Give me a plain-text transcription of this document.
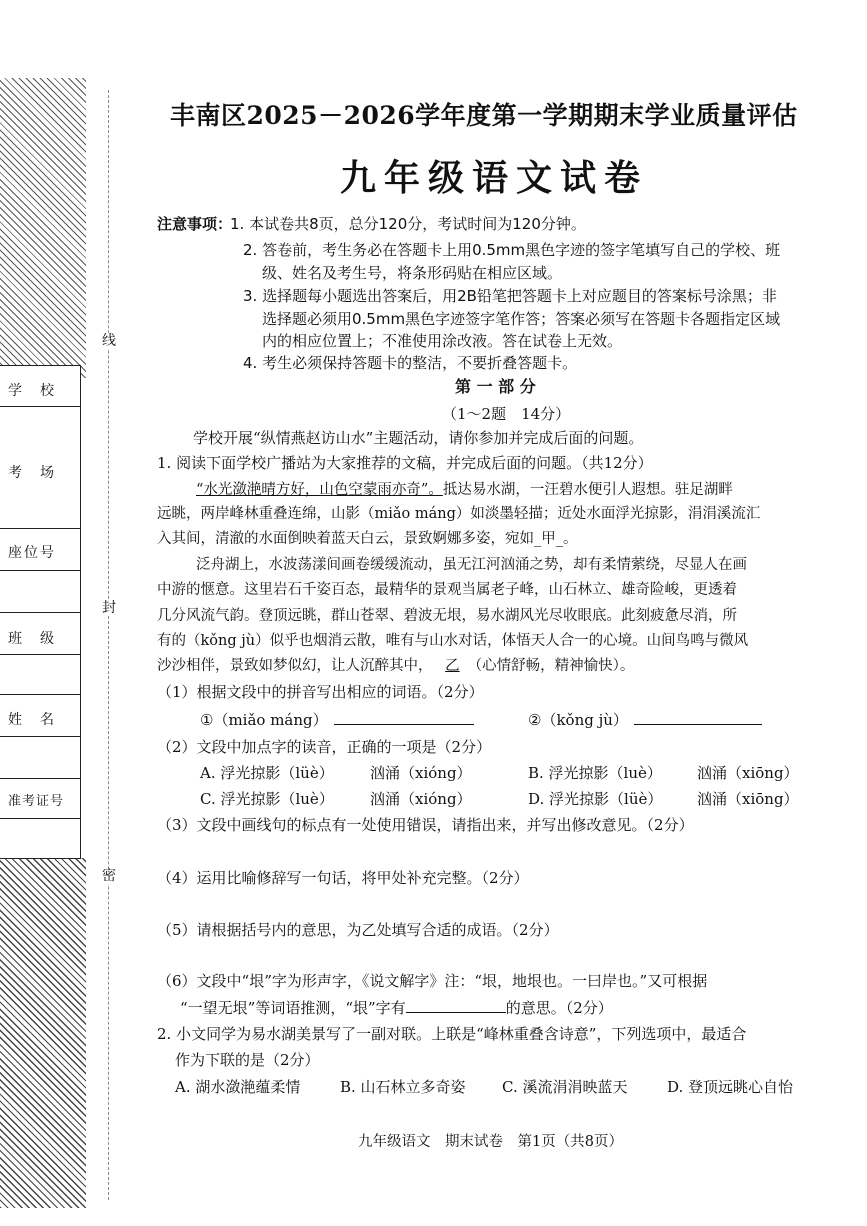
学　校
考　场
座位号
班　级
姓　名
准考证号
线
封
密
丰南区2025－2026学年度第一学期期末学业质量评估
九年级语文试卷
注意事项：
1. 本试卷共8页，总分120分，考试时间为120分钟。
2. 答卷前，考生务必在答题卡上用0.5mm黑色字迹的签字笔填写自己的学校、班
级、姓名及考生号，将条形码贴在相应区域。
3. 选择题每小题选出答案后，用2B铅笔把答题卡上对应题目的答案标号涂黑；非
选择题必须用0.5mm黑色字迹签字笔作答；答案必须写在答题卡各题指定区域
内的相应位置上；不准使用涂改液。答在试卷上无效。
4. 考生必须保持答题卡的整洁，不要折叠答题卡。
第 一 部 分
（1～2题　14分）
学校开展“纵情燕赵访山水”主题活动，请你参加并完成后面的问题。
1. 阅读下面学校广播站为大家推荐的文稿，并完成后面的问题。（共12分）
“水光潋滟晴方好，山色空蒙雨亦奇”。抵达易水湖，一汪碧水便引人遐想。驻足湖畔
远眺，两岸峰林重叠连绵，山影（miǎo máng）如淡墨轻描；近处水面浮光掠影，涓涓溪流汇
入其间，清澈的水面倒映着蓝天白云，景致婀娜多姿，宛如_甲_。
泛舟湖上，水波荡漾间画卷缓缓流动，虽无江河汹涌之势，却有柔情萦绕，尽显人在画
中游的惬意。这里岩石千姿百态，最精华的景观当属老子峰，山石林立、雄奇险峻，更透着
几分风流气韵。登顶远眺，群山苍翠、碧波无垠，易水湖风光尽收眼底。此刻疲惫尽消，所
有的（kǒng jù）似乎也烟消云散，唯有与山水对话，体悟天人合一的心境。山间鸟鸣与微风
沙沙相伴，景致如梦似幻，让人沉醉其中， 乙 （心情舒畅，精神愉快）。
（1）根据文段中的拼音写出相应的词语。（2分）
①（miǎo máng）	②（kǒng jù）
（2）文段中加点字的读音，正确的一项是（2分）
A. 浮光掠影（lüè） 汹涌（xióng）	B. 浮光掠影（luè） 汹涌（xiōng）
C. 浮光掠影（luè） 汹涌（xióng）	D. 浮光掠影（lüè） 汹涌（xiōng）
（3）文段中画线句的标点有一处使用错误，请指出来，并写出修改意见。（2分）
（4）运用比喻修辞写一句话，将甲处补充完整。（2分）
（5）请根据括号内的意思，为乙处填写合适的成语。（2分）
（6）文段中“垠”字为形声字，《说文解字》注：“垠，地垠也。一曰岸也。”又可根据
“一望无垠”等词语推测，“垠”字有	的意思。（2分）
2. 小文同学为易水湖美景写了一副对联。上联是“峰林重叠含诗意”，下列选项中，最适合
作为下联的是（2分）
A. 湖水潋滟蕴柔情	B. 山石林立多奇姿 C. 溪流涓涓映蓝天	D. 登顶远眺心自怡
九年级语文　期末试卷　第1页（共8页）
